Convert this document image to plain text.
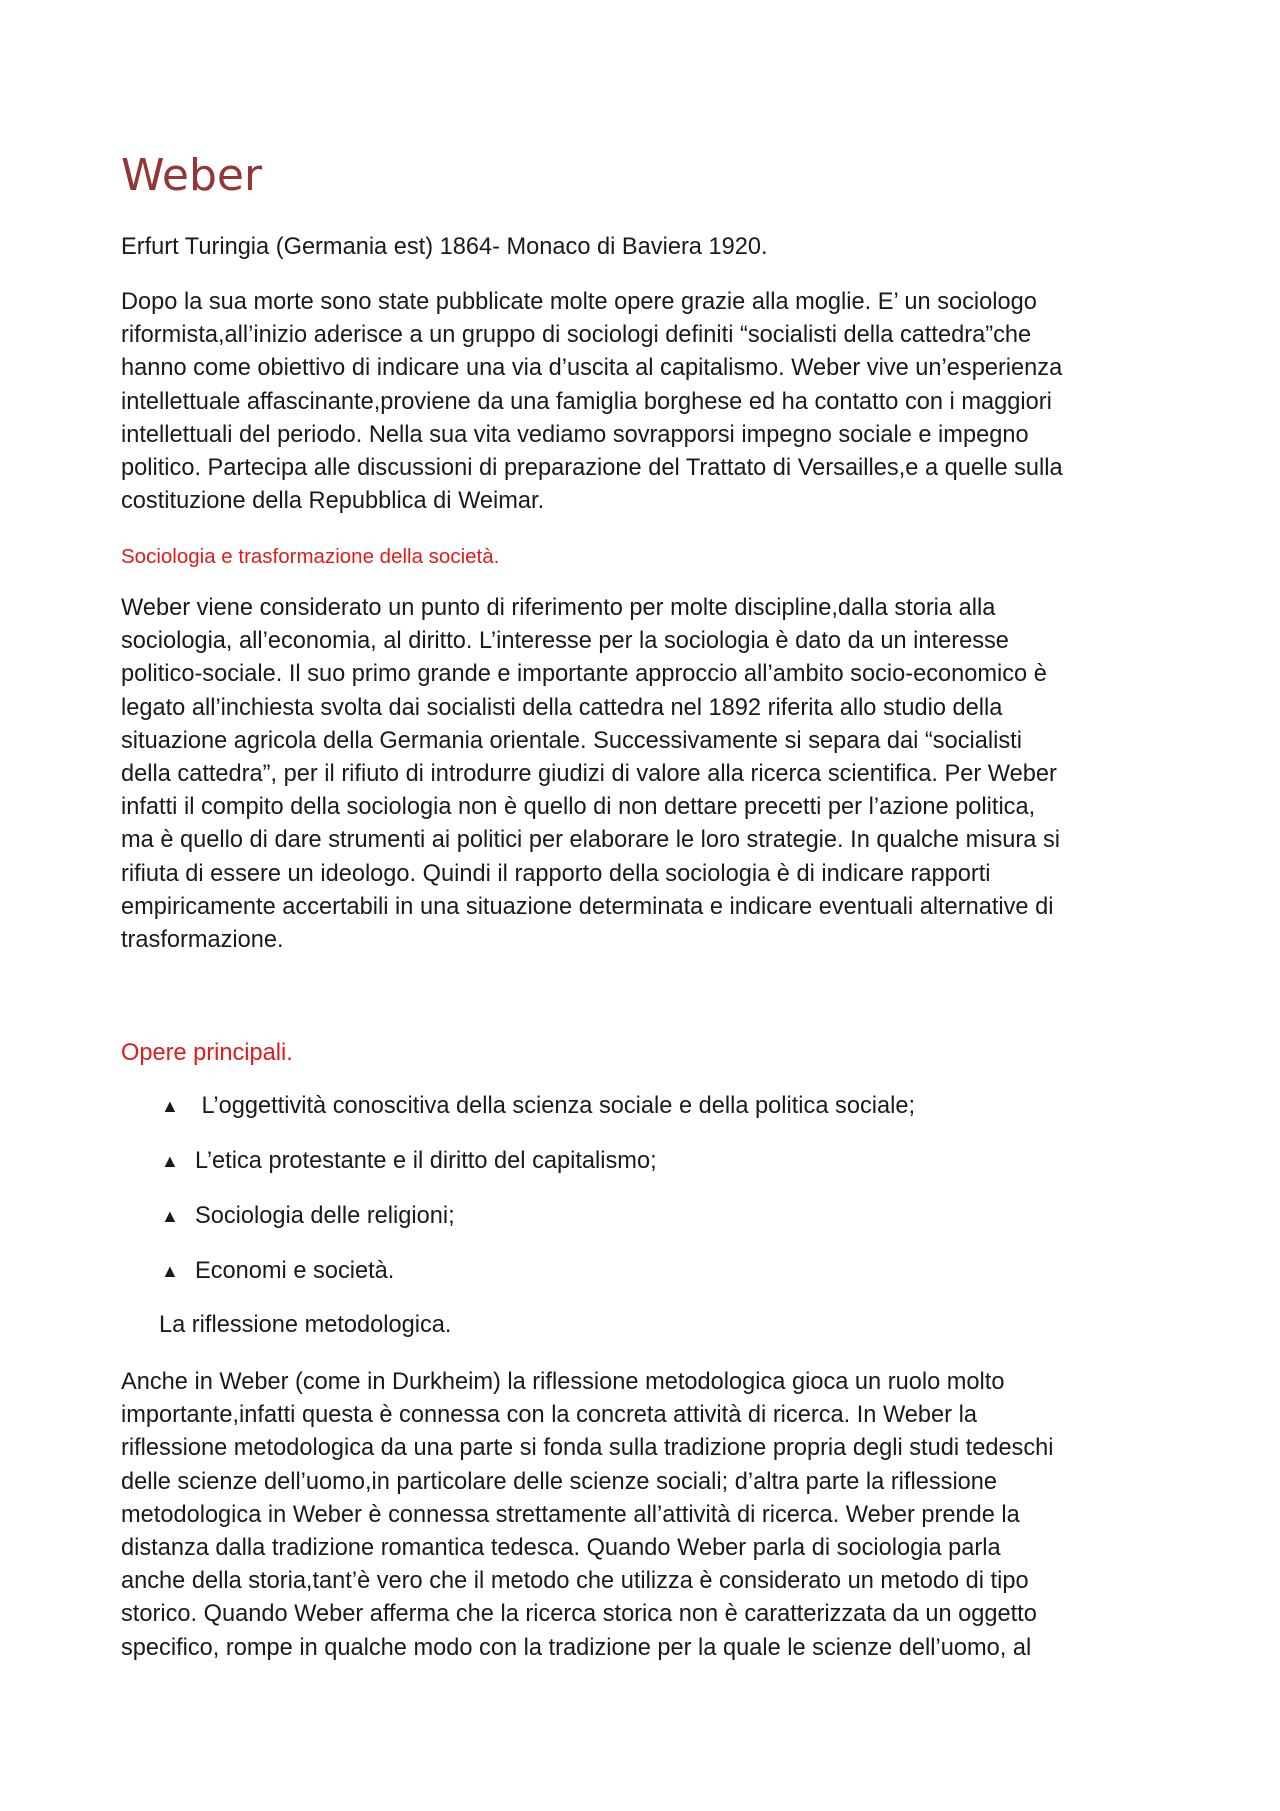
Weber

Erfurt Turingia (Germania est) 1864- Monaco di Baviera 1920.

Dopo la sua morte sono state pubblicate molte opere grazie alla moglie. E’ un sociologo
riformista,all’inizio aderisce a un gruppo di sociologi definiti “socialisti della cattedra”che
hanno come obiettivo di indicare una via d’uscita al capitalismo. Weber vive un’esperienza
intellettuale affascinante,proviene da una famiglia borghese ed ha contatto con i maggiori
intellettuali del periodo. Nella sua vita vediamo sovrapporsi impegno sociale e impegno
politico. Partecipa alle discussioni di preparazione del Trattato di Versailles,e a quelle sulla
costituzione della Repubblica di Weimar.

Sociologia e trasformazione della società.

Weber viene considerato un punto di riferimento per molte discipline,dalla storia alla
sociologia, all’economia, al diritto. L’interesse per la sociologia è dato da un interesse
politico-sociale. Il suo primo grande e importante approccio all’ambito socio-economico è
legato all’inchiesta svolta dai socialisti della cattedra nel 1892 riferita allo studio della
situazione agricola della Germania orientale. Successivamente si separa dai “socialisti
della cattedra”, per il rifiuto di introdurre giudizi di valore alla ricerca scientifica. Per Weber
infatti il compito della sociologia non è quello di non dettare precetti per l’azione politica,
ma è quello di dare strumenti ai politici per elaborare le loro strategie. In qualche misura si
rifiuta di essere un ideologo. Quindi il rapporto della sociologia è di indicare rapporti
empiricamente accertabili in una situazione determinata e indicare eventuali alternative di
trasformazione.

Opere principali.

▲ L’oggettività conoscitiva della scienza sociale e della politica sociale;
▲ L’etica protestante e il diritto del capitalismo;
▲ Sociologia delle religioni;
▲ Economi e società.

La riflessione metodologica.

Anche in Weber (come in Durkheim) la riflessione metodologica gioca un ruolo molto
importante,infatti questa è connessa con la concreta attività di ricerca. In Weber la
riflessione metodologica da una parte si fonda sulla tradizione propria degli studi tedeschi
delle scienze dell’uomo,in particolare delle scienze sociali; d’altra parte la riflessione
metodologica in Weber è connessa strettamente all’attività di ricerca. Weber prende la
distanza dalla tradizione romantica tedesca. Quando Weber parla di sociologia parla
anche della storia,tant’è vero che il metodo che utilizza è considerato un metodo di tipo
storico. Quando Weber afferma che la ricerca storica non è caratterizzata da un oggetto
specifico, rompe in qualche modo con la tradizione per la quale le scienze dell’uomo, al
